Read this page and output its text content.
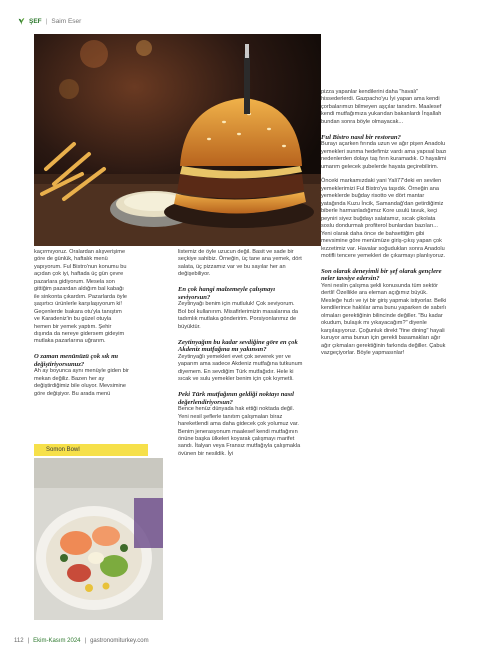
ŞEF | Saim Eser

kaçırmıyoruz. Oralardan alışverişime göre de günlük, haftalık menü yapıyorum. Ful Bistro'nun konumu bu açıdan çok iyi, haftada üç gün çevre pazarlara gidiyorum. Mesela son gittiğim pazardan aldığım bal kabağı ile sinkonta çıkardım. Pazarlarda öyle şaşırtıcı ürünlerle karşılaşıyorum ki! Geçenlerde Isakara otu'yla tanıştım ve Karadeniz'in bu güzel otuyla hemen bir yemek yaptım. Şehir dışında da nereye gidersem gideyim mutlaka pazarlarına uğrarım.

O zaman menünüzü çok sık mı değiştiriyorsunuz?

Ah ay boyunca aynı menüyle giden bir mekan değiliz. Bazen her ay değiştirdiğimiz bile oluyor. Mevsimine göre değişiyor. Bu arada menü

listemiz de öyle uzucun değil. Basit ve sade bir seçkiye sahibiz. Örneğin, üç tane ana yemek, dört salata, üç pizzamız var ve bu sayılar her an değişebiliyor.

En çok hangi malzemeyle çalışmayı seviyorsun?

Zeytinyağı benim için mutluluk! Çok seviyorum. Bol bol kullanırım. Misafirlerimizin masalarına da tadımlık mutlaka gönderirim. Porsiyonlarımız de büyüktür.

Zeytinyağım bu kadar sevdiğine göre en çok Akdeniz mutfağına mı yakınsın?

Zeytinyağlı yemekleri evet çok severek yer ve yaparım ama sadece Akdeniz mutfağına tutkunum diyemem. En sevdiğim Türk mutfağıdır. Hele ki sıcak ve sulu yemekler benim için çok kıymetli.

Peki Türk mutfağının geldiği noktayı nasıl değerlendiriyorsun?

Bence henüz dünyada hak ettiği noktada değil. Yeni nesil şeflerle tanıtım çalışmaları biraz hareketlendi ama daha gidecek çok yolumuz var. Benim jenerasyonum maalesef kendi mutfağının önüne başka ülkeleri koyarak çalışmayı marifet sandı. İtalyan veya Fransız mutfağıyla çalışmakla övünen bir nesildik. İyi

pizza yapanlar kendilerini daha "havalı" hissederlerdi. Gazpacho'yu İyi yapan ama kendi çorbalarımızı bilmeyen aşçılar tanıdım. Maalesef kendi mutfağımıza yukarıdan bakanlardı İnşallah bundan sonra böyle olmayacak...

Ful Bistro nasıl bir restoran?

Burayı açarken fırında uzun ve ağır pişen Anadolu yemekleri sunma hedefimiz vardı ama yapısal bazı nedenlerden dolayı taş fırın kuramadık. O hayalimi umarım gelecek şubelerde hayata geçirebilirim.

Önceki markamızdaki yani Yali77'deki en sevilen yemeklerimizi Ful Bistro'ya taşıdık. Örneğin ana yemeklerde buğday risotto ve dört mantar yatağında Kuzu İncik, Samandağ'dan getirdiğimiz biberle harmanladığımız Kore usulü tavuk, keçi peyniri siyez buğdayı salatamız, sıcak çikolata soslu dondurmalı profiterol bunlardan bazıları... Yeni olarak daha önce de bahsettiğim gibi mevsimine göre menümüze giriş-çıkış yapan çok lezzetimiz var. Havalar soğudukları sonra Anadolu motifli tencere yemekleri de çıkarmayı planlıyoruz.

Son olarak deneyimli bir şef olarak gençlere neler tavsiye edersin?

Yeni neslin çalışma şekli konusunda tüm sektör dertli! Özellikle ara eleman açığımız büyük. Mesleğe hızlı ve iyi bir giriş yapmak istiyorlar. Belki kendilerince haklılar ama bunu yaparken de sabırlı olmaları gerektiğinin bilincinde değiller. "Bu kadar okudum, bulaşık mı yıkayacağım?" diyenle karşılaşıyoruz. Çoğunluk direkt "fine dining" hayali kuruyor ama bunun için gerekli basamakları ağır ağır çıkmaları gerektiğinin farkında değiller. Çabuk vazgeçiyorlar. Böyle yapmasınlar!

Somon Bowl
112 | Ekim-Kasım 2024 | gastronomiturkey.com
